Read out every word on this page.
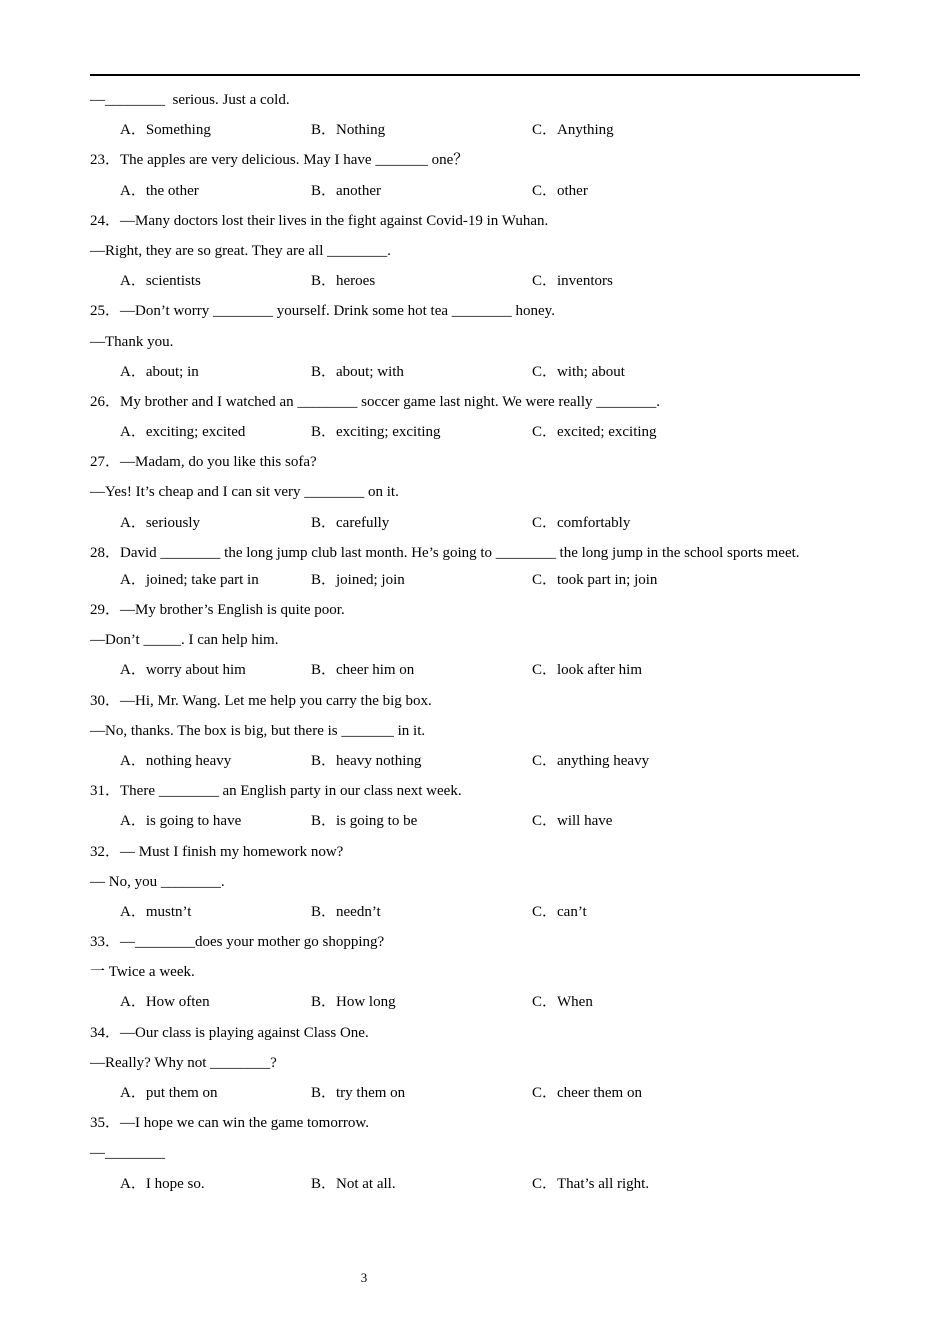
—________  serious. Just a cold.
A．Something	B．Nothing	C．Anything
23．The apples are very delicious. May I have _______ one？
A．the other	B．another	C．other
24．—Many doctors lost their lives in the fight against Covid-19 in Wuhan.
—Right, they are so great. They are all ________.
A．scientists	B．heroes	C．inventors
25．—Don’t worry ________ yourself. Drink some hot tea ________ honey.
—Thank you.
A．about; in	B．about; with	C．with; about
26．My brother and I watched an ________ soccer game last night. We were really ________.
A．exciting; excited	B．exciting; exciting	C．excited; exciting
27．—Madam, do you like this sofa?
—Yes! It’s cheap and I can sit very ________ on it.
A．seriously	B．carefully	C．comfortably
28．David ________ the long jump club last month. He’s going to ________ the long jump in the school sports meet.
A．joined; take part in	B．joined; join	C．took part in; join
29．—My brother’s English is quite poor.
—Don’t _____. I can help him.
A．worry about him	B．cheer him on	C．look after him
30．—Hi, Mr. Wang. Let me help you carry the big box.
—No, thanks. The box is big, but there is _______ in it.
A．nothing heavy	B．heavy nothing	C．anything heavy
31．There ________ an English party in our class next week.
A．is going to have	B．is going to be	C．will have
32．— Must I finish my homework now?
— No, you ________.
A．mustn’t	B．needn’t	C．can’t
33．—________does your mother go shopping?
一 Twice a week.
A．How often	B．How long	C．When
34．—Our class is playing against Class One.
—Really? Why not ________?
A．put them on	B．try them on	C．cheer them on
35．—I hope we can win the game tomorrow.
—________
A．I hope so.	B．Not at all.	C．That’s all right.
3
